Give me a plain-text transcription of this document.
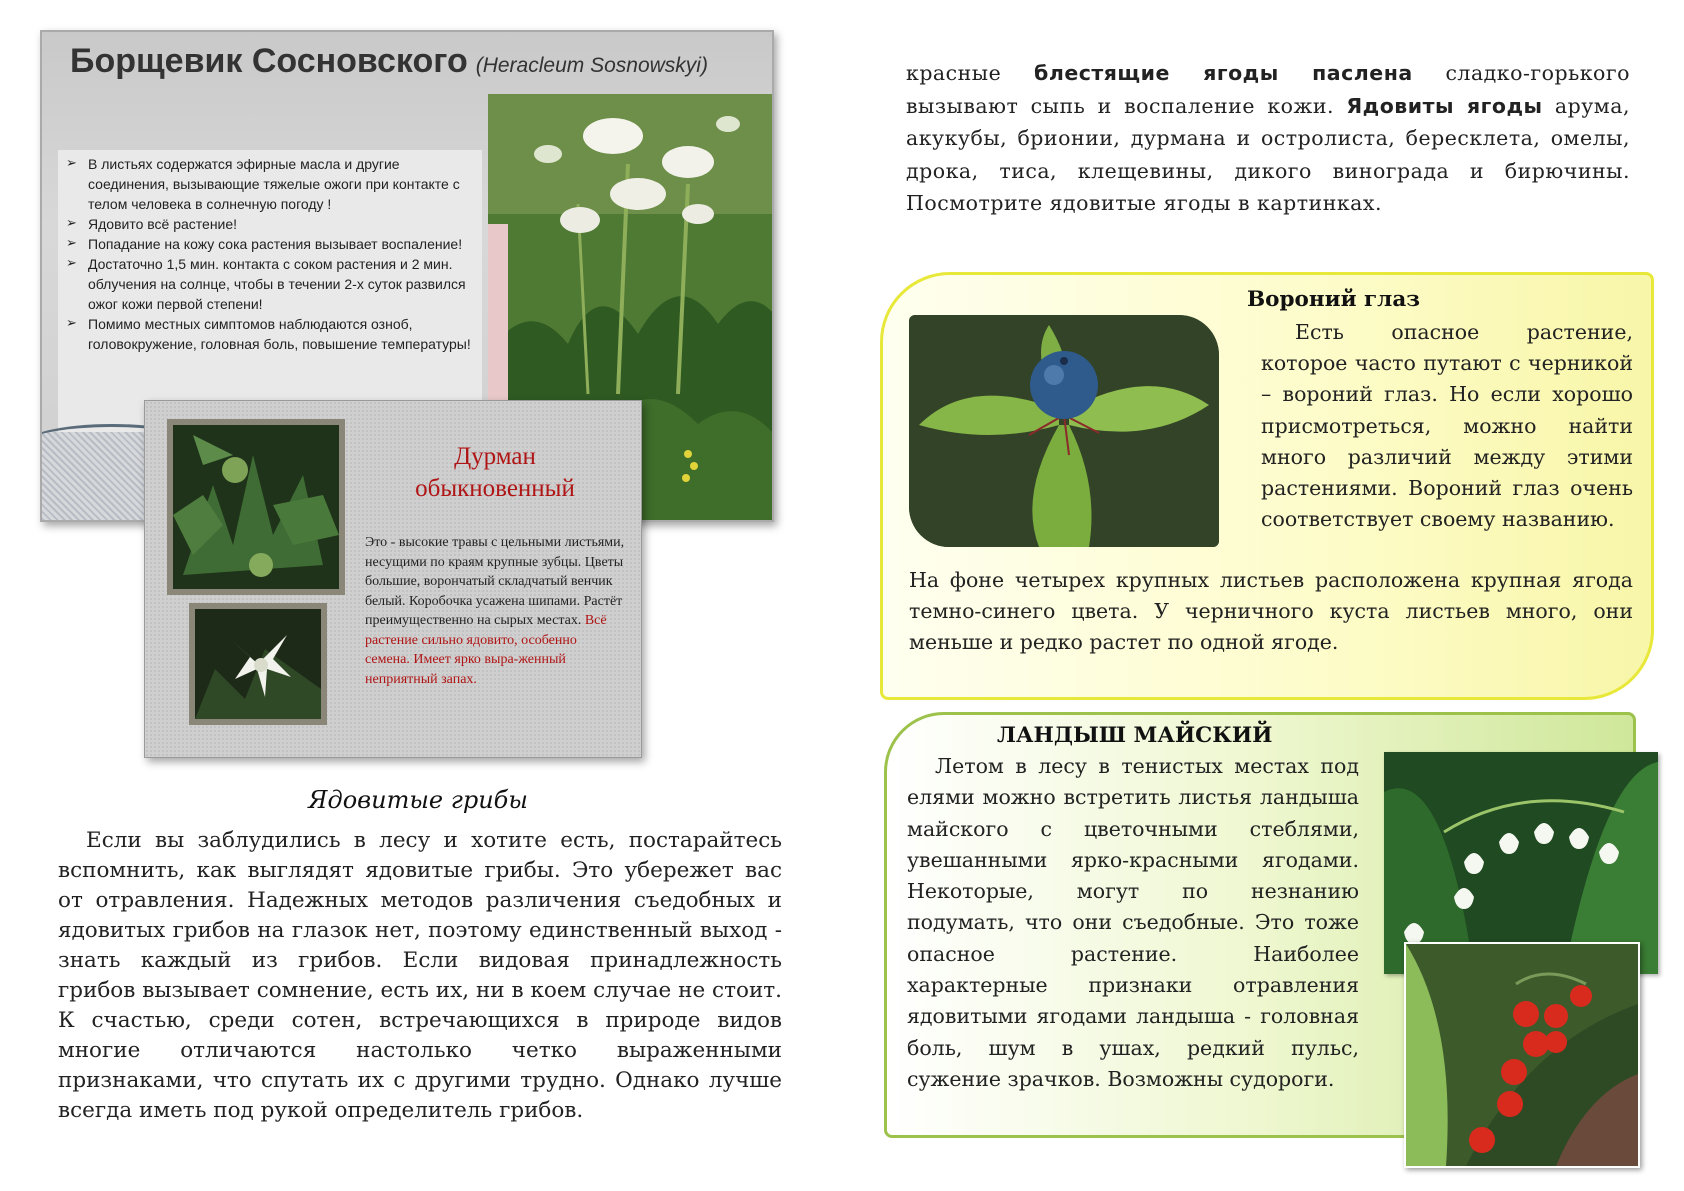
Борщевик Сосновского (Heracleum Sosnowskyi)
➢ В листьях содержатся эфирные масла и другие соединения, вызывающие тяжелые ожоги при контакте с телом человека в солнечную погоду !
➢ Ядовито всё растение!
➢ Попадание на кожу сока растения вызывает воспаление!
➢ Достаточно 1,5 мин. контакта с соком растения и 2 мин. облучения на солнце, чтобы в течении 2-х суток развился ожог кожи первой степени!
➢ Помимо местных симптомов наблюдаются озноб, головокружение, головная боль, повышение температуры!
Дурман
обыкновенный
Это - высокие травы с цельными листьями, несущими по краям крупные зубцы. Цветы большие, ворончатый складчатый венчик белый. Коробочка усажена шипами. Растёт преимущественно на сырых местах. Всё растение сильно ядовито, особенно семена. Имеет ярко выра-женный неприятный запах.
Ядовитые грибы
Если вы заблудились в лесу и хотите есть, постарайтесь вспомнить, как выглядят ядовитые грибы. Это убережет вас от отравления. Надежных методов различения съедобных и ядовитых грибов на глазок нет, поэтому единственный выход - знать каждый из грибов. Если видовая принадлежность грибов вызывает сомнение, есть их, ни в коем случае не стоит. К счастью, среди сотен, встречающихся в природе видов многие отличаются настолько четко выраженными признаками, что спутать их с другими трудно. Однако лучше всегда иметь под рукой определитель грибов.
красные блестящие ягоды паслена сладко-горького вызывают сыпь и воспаление кожи. Ядовиты ягоды арума, акукубы, брионии, дурмана и остролиста, бересклета, омелы, дрока, тиса, клещевины, дикого винограда и бирючины. Посмотрите ядовитые ягоды в картинках.
Вороний глаз
Есть опасное растение, которое часто путают с черникой – вороний глаз. Но если хорошо присмотреться, можно найти много различий между этими растениями. Вороний глаз очень соответствует своему названию.
На фоне четырех крупных листьев расположена крупная ягода темно-синего цвета. У черничного куста листьев много, они меньше и редко растет по одной ягоде.
ЛАНДЫШ МАЙСКИЙ
Летом в лесу в тенистых местах под елями можно встретить листья ландыша майского с цветочными стеблями, увешанными ярко-красными ягодами. Некоторые, могут по незнанию подумать, что они съедобные. Это тоже опасное растение. Наиболее характерные признаки отравления ядовитыми ягодами ландыша - головная боль, шум в ушах, редкий пульс, сужение зрачков. Возможны судороги.
